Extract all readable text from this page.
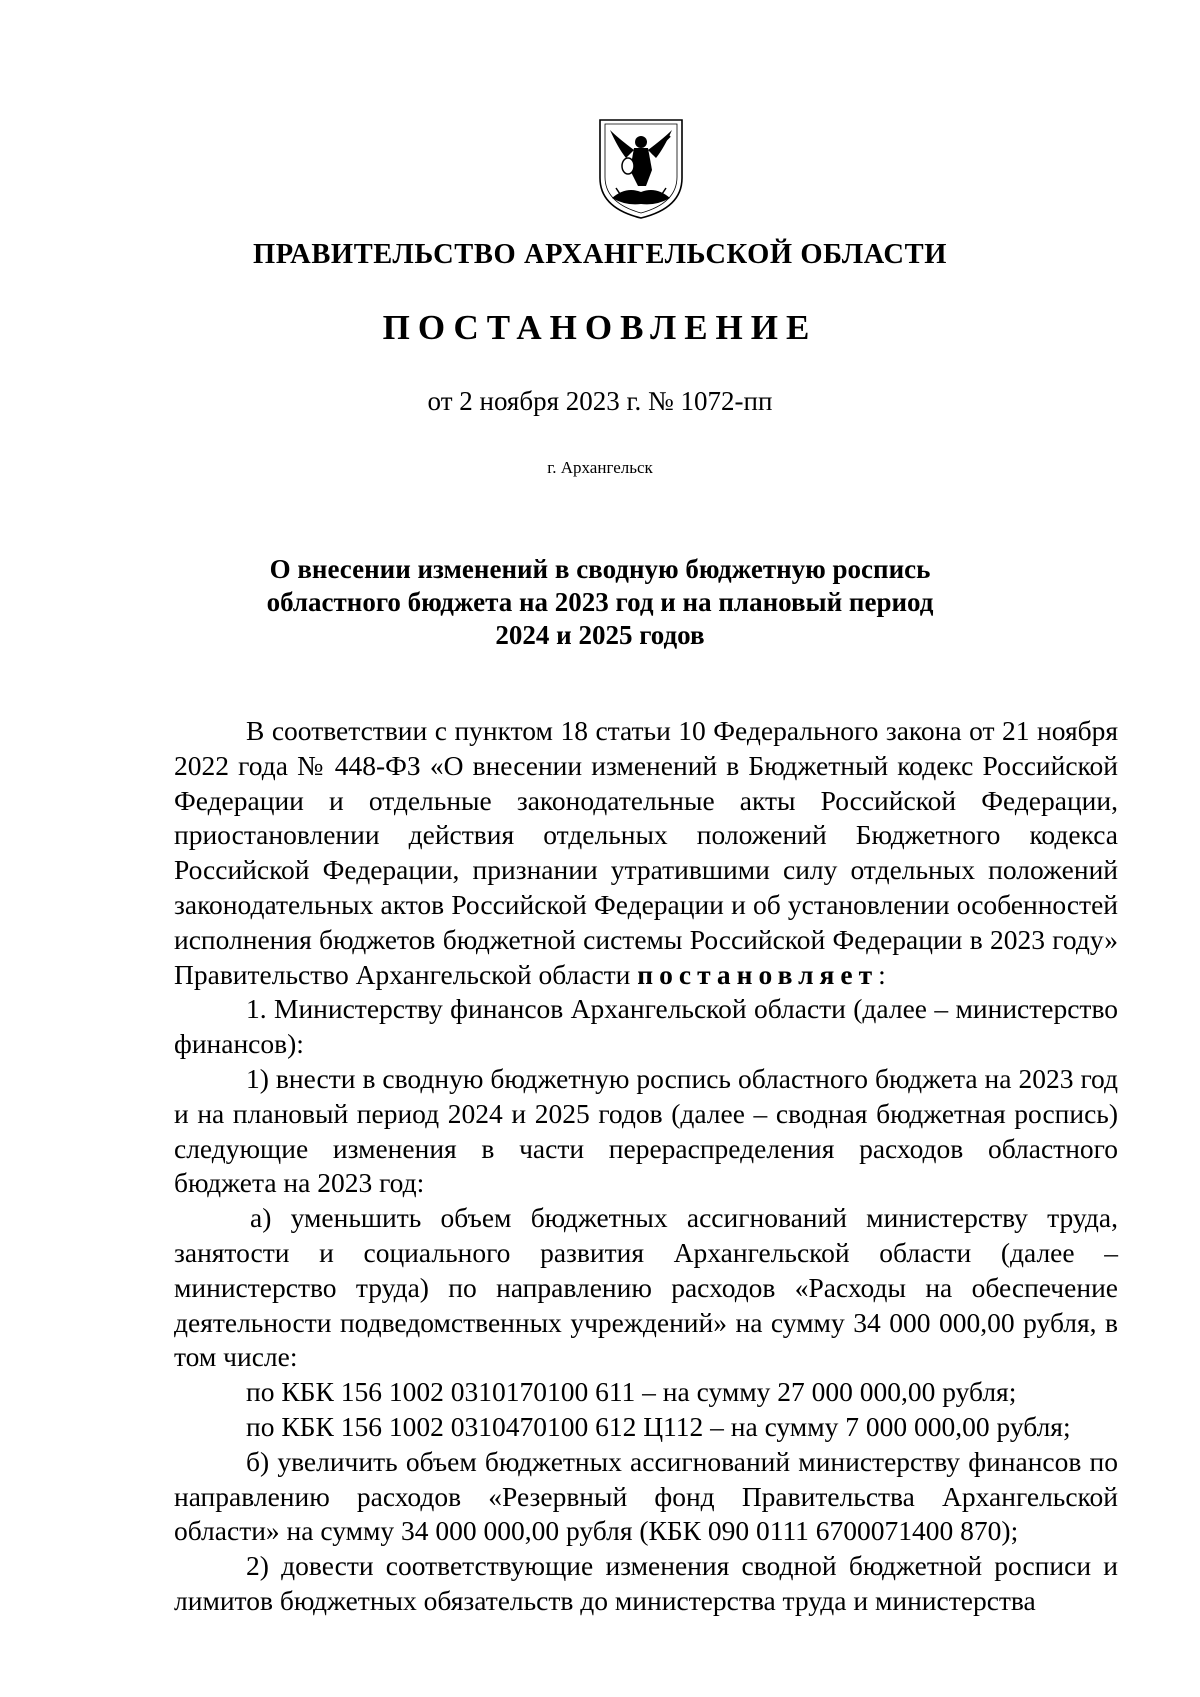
ПРАВИТЕЛЬСТВО АРХАНГЕЛЬСКОЙ ОБЛАСТИ
ПОСТАНОВЛЕНИЕ
от 2 ноября 2023 г. № 1072-пп
г. Архангельск
О внесении изменений в сводную бюджетную роспись
областного бюджета на 2023 год и на плановый период
2024 и 2025 годов

В соответствии с пунктом 18 статьи 10 Федерального закона от 21 ноября 2022 года № 448-ФЗ «О внесении изменений в Бюджетный кодекс Российской Федерации и отдельные законодательные акты Российской Федерации, приостановлении действия отдельных положений Бюджетного кодекса Российской Федерации, признании утратившими силу отдельных положений законодательных актов Российской Федерации и об установлении особенностей исполнения бюджетов бюджетной системы Российской Федерации в 2023 году» Правительство Архангельской области постановляет:

1. Министерству финансов Архангельской области (далее – министерство финансов):

1) внести в сводную бюджетную роспись областного бюджета на 2023 год и на плановый период 2024 и 2025 годов (далее – сводная бюджетная роспись) следующие изменения в части перераспределения расходов областного бюджета на 2023 год:

а) уменьшить объем бюджетных ассигнований министерству труда, занятости и социального развития Архангельской области (далее – министерство труда) по направлению расходов «Расходы на обеспечение деятельности подведомственных учреждений» на сумму 34 000 000,00 рубля, в том числе:

по КБК 156 1002 0310170100 611 – на сумму 27 000 000,00 рубля;

по КБК 156 1002 0310470100 612 Ц112 – на сумму 7 000 000,00 рубля;

б) увеличить объем бюджетных ассигнований министерству финансов по направлению расходов «Резервный фонд Правительства Архангельской области» на сумму 34 000 000,00 рубля (КБК 090 0111 6700071400 870);

2) довести соответствующие изменения сводной бюджетной росписи и лимитов бюджетных обязательств до министерства труда и министерства
